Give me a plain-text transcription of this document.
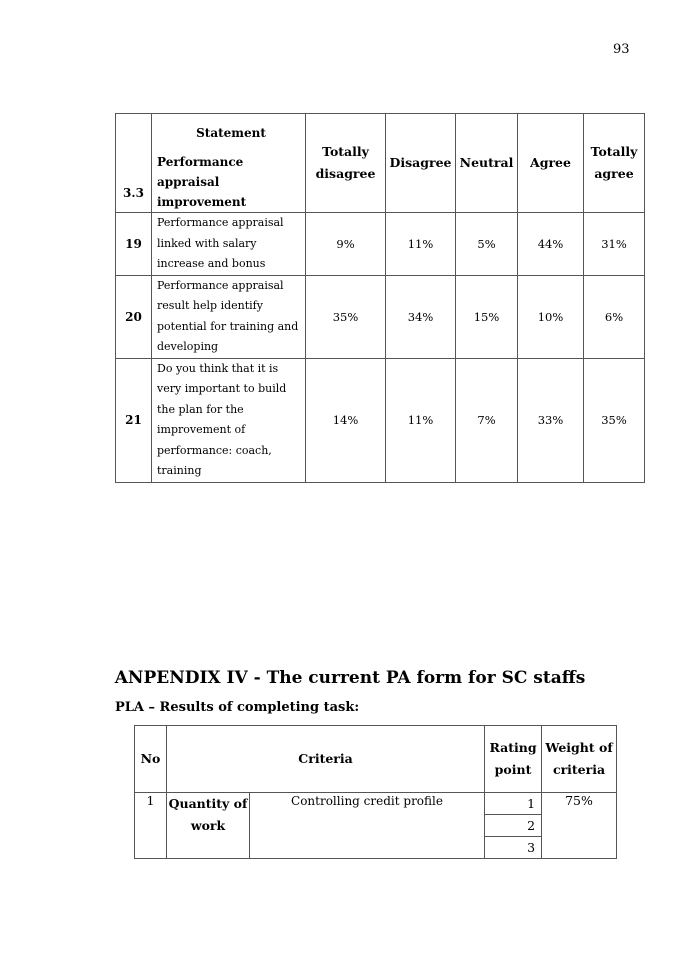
93
3.3	Statement
Performance appraisal improvement	Totally disagree	Disagree	Neutral	Agree	Totally agree
19	Performance appraisal linked with salary increase and bonus	9%	11%	5%	44%	31%
20	Performance appraisal result help identify potential for training and developing	35%	34%	15%	10%	6%
21	Do you think that it is very important to build the plan for the improvement of performance: coach, training	14%	11%	7%	33%	35%
ANPENDIX IV - The current PA form for SC staffs
PLA – Results of completing task:
No	Criteria		Rating point	Weight of criteria
1	Quantity of work	Controlling credit profile	1	75%
			2	
			3	
